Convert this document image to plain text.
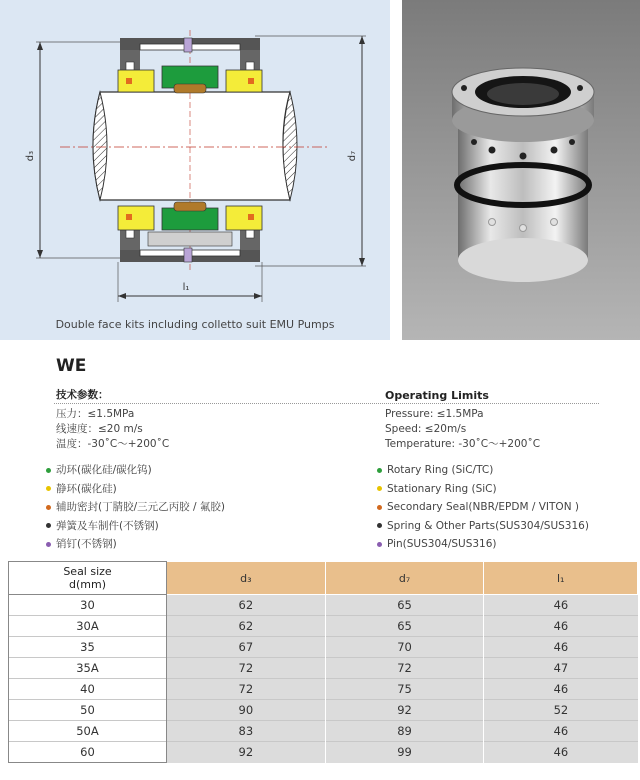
d₃	d₇
l₁
Double face kits including colletto suit EMU Pumps
WE
技术参数：
压力：≤1.5MPa
线速度：≤20 m/s
温度：-30˚C～+200˚C
Operating Limits
Pressure: ≤1.5MPa
Speed: ≤20m/s
Temperature: -30˚C～+200˚C
动环(碳化硅/碳化钨)
静环(碳化硅)
辅助密封(丁腈胶/三元乙丙胶 / 氟胶)
弹簧及车制件(不锈钢)
销钉(不锈钢)
Rotary Ring (SiC/TC)
Stationary Ring (SiC)
Secondary Seal(NBR/EPDM / VITON )
Spring & Other Parts(SUS304/SUS316)
Pin(SUS304/SUS316)
Seal size
d(mm)	d₃	d₇	l₁
30	62	65	46
30A	62	65	46
35	67	70	46
35A	72	72	47
40	72	75	46
50	90	92	52
50A	83	89	46
60	92	99	46
